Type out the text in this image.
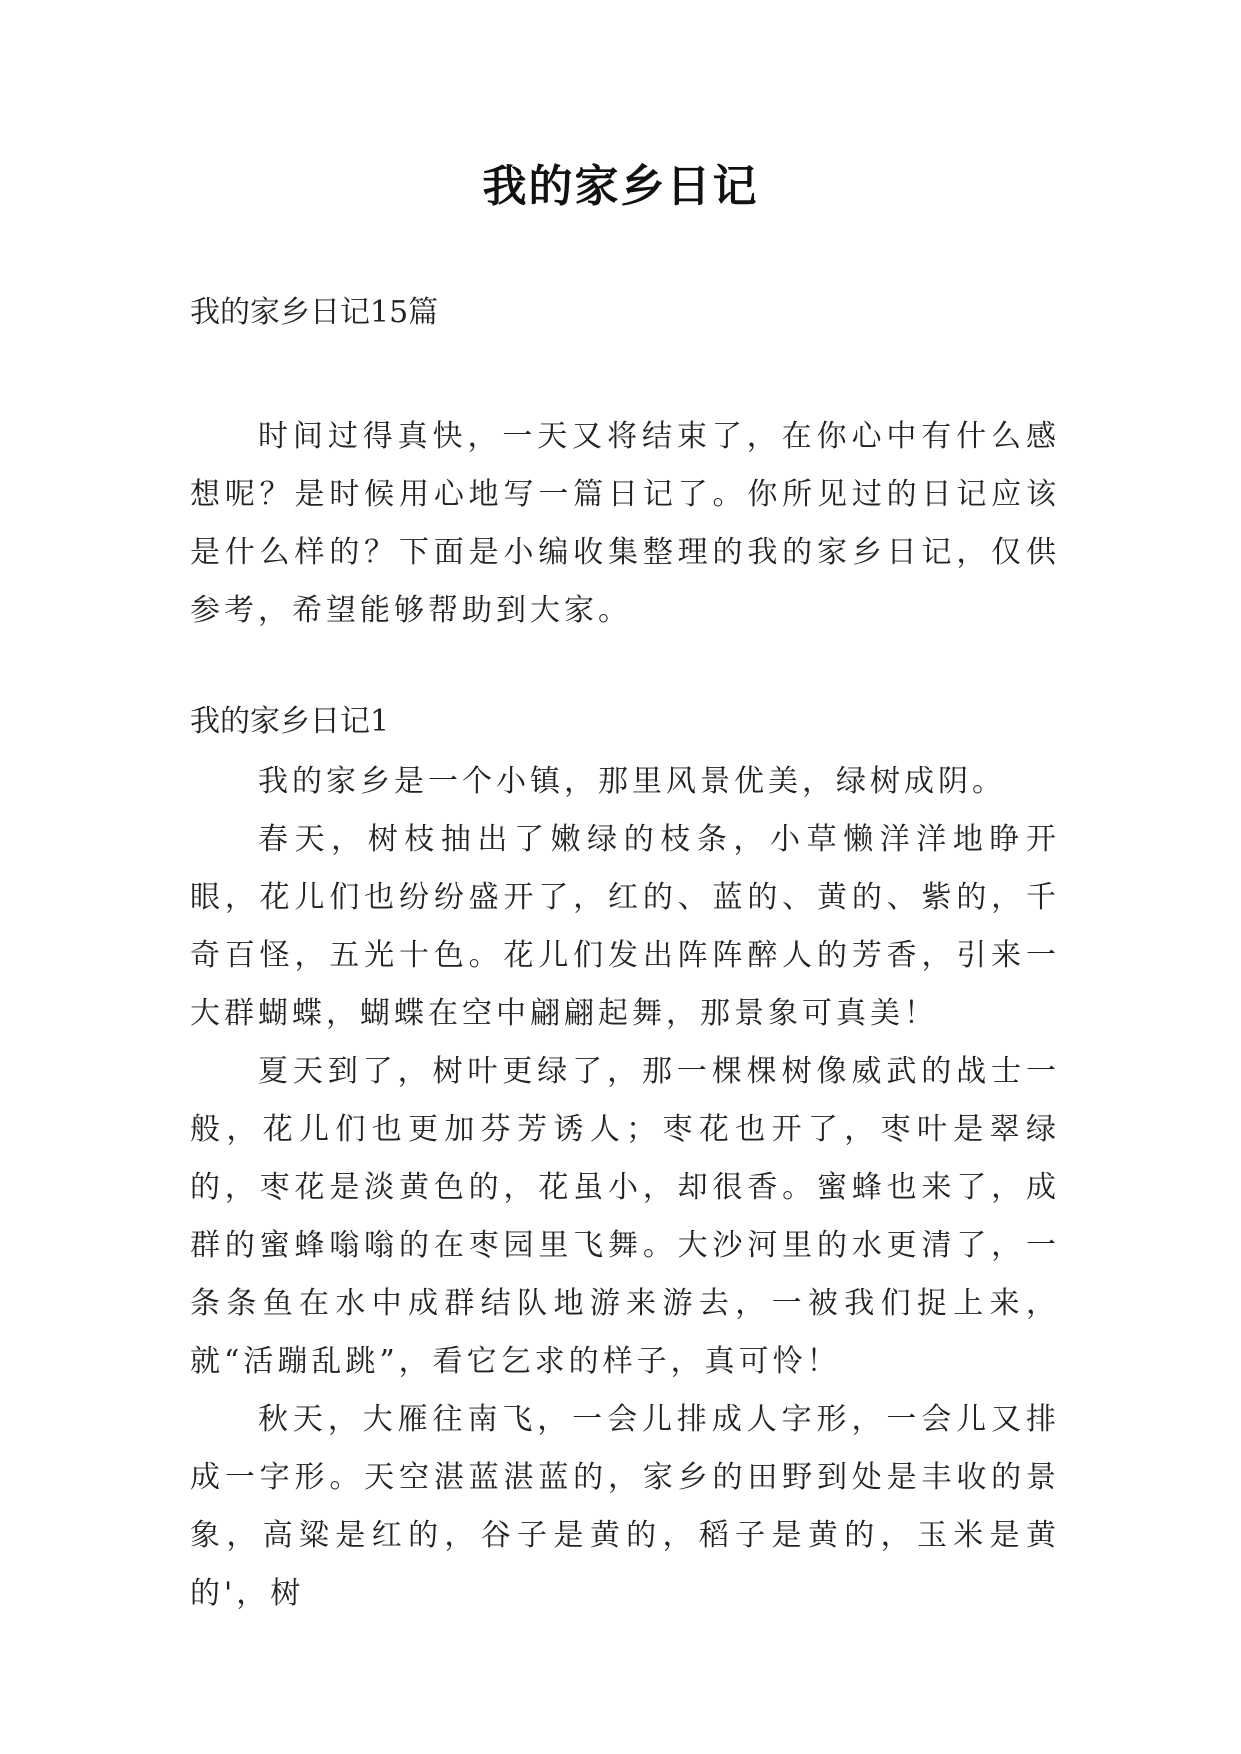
我的家乡日记

我的家乡日记15篇

时间过得真快，一天又将结束了，在你心中有什么感想呢？是时候用心地写一篇日记了。你所见过的日记应该是什么样的？下面是小编收集整理的我的家乡日记，仅供参考，希望能够帮助到大家。

我的家乡日记1

我的家乡是一个小镇，那里风景优美，绿树成阴。

春天，树枝抽出了嫩绿的枝条，小草懒洋洋地睁开眼，花儿们也纷纷盛开了，红的、蓝的、黄的、紫的，千奇百怪，五光十色。花儿们发出阵阵醉人的芳香，引来一大群蝴蝶，蝴蝶在空中翩翩起舞，那景象可真美！

夏天到了，树叶更绿了，那一棵棵树像威武的战士一般，花儿们也更加芬芳诱人；枣花也开了，枣叶是翠绿的，枣花是淡黄色的，花虽小，却很香。蜜蜂也来了，成群的蜜蜂嗡嗡的在枣园里飞舞。大沙河里的水更清了，一条条鱼在水中成群结队地游来游去，一被我们捉上来，就“活蹦乱跳”，看它乞求的样子，真可怜！

秋天，大雁往南飞，一会儿排成人字形，一会儿又排成一字形。天空湛蓝湛蓝的，家乡的田野到处是丰收的景象，高粱是红的，谷子是黄的，稻子是黄的，玉米是黄的'，树
